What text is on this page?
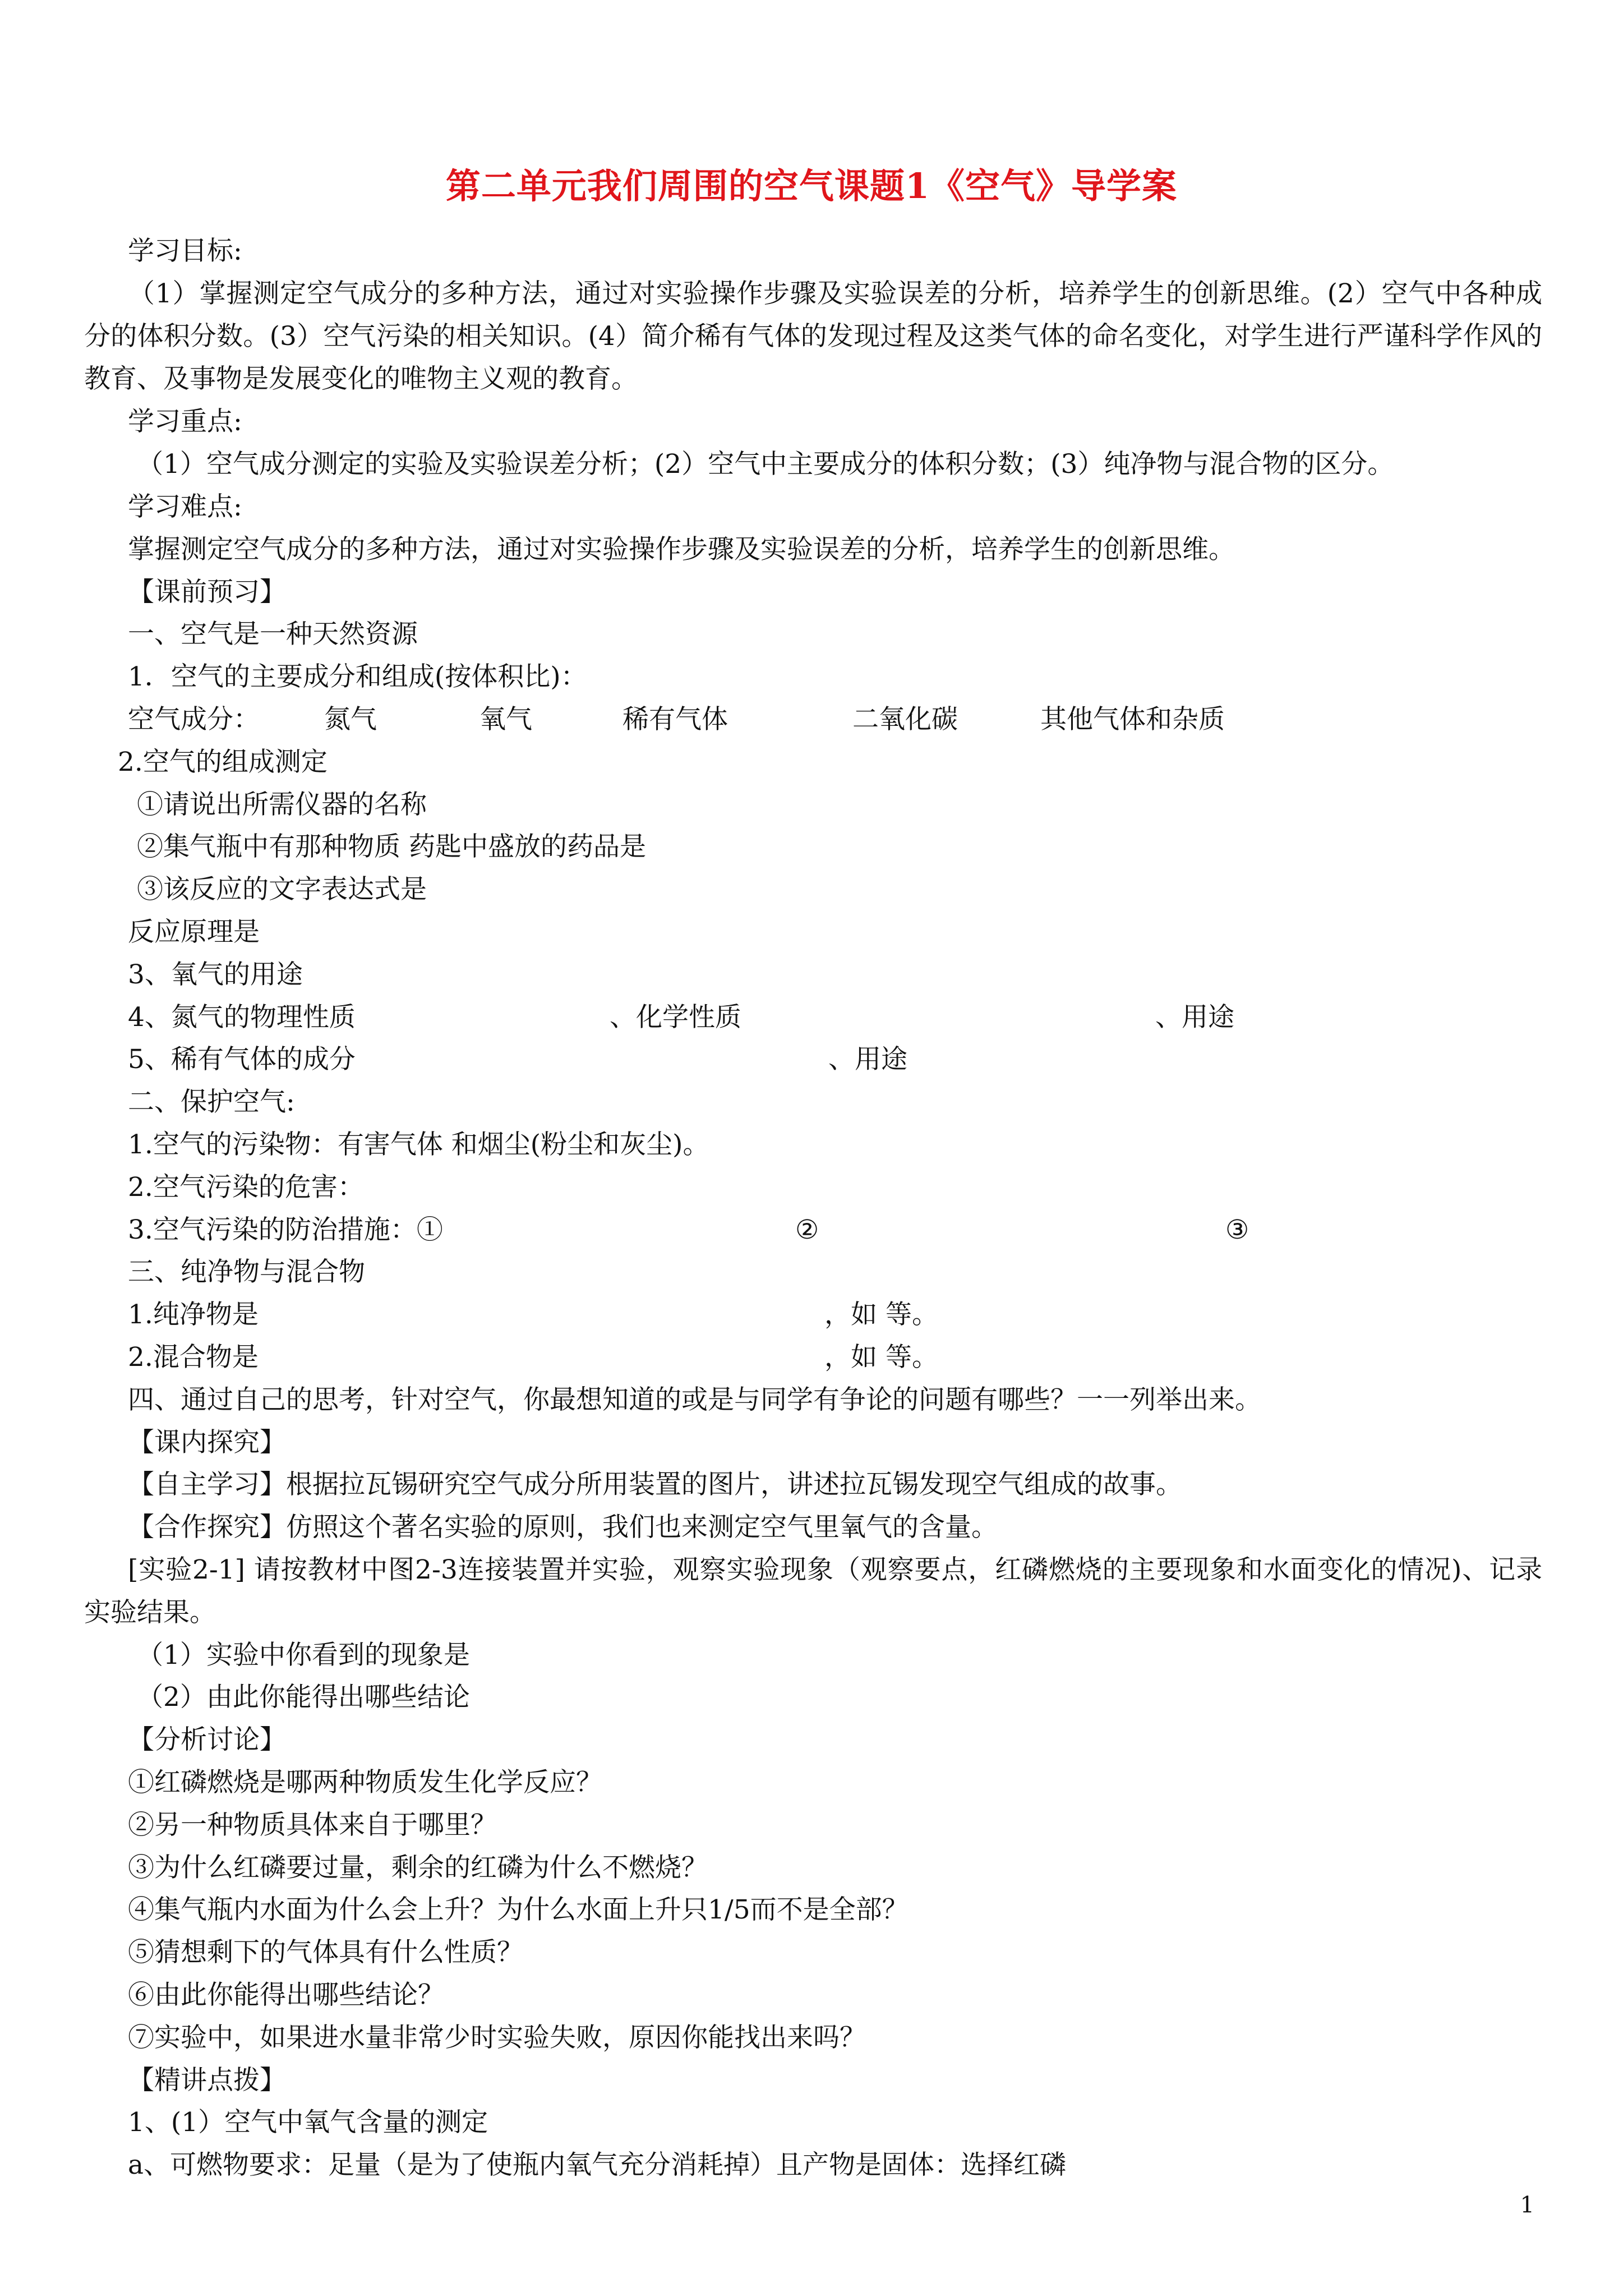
第二单元我们周围的空气课题1《空气》导学案
学习目标:
（1）掌握测定空气成分的多种方法，通过对实验操作步骤及实验误差的分析，培养学生的创新思维。(2）空气中各种成分的体积分数。(3）空气污染的相关知识。(4）简介稀有气体的发现过程及这类气体的命名变化，对学生进行严谨科学作风的教育、及事物是发展变化的唯物主义观的教育。
学习重点:
（1）空气成分测定的实验及实验误差分析；(2）空气中主要成分的体积分数；(3）纯净物与混合物的区分。
学习难点:
掌握测定空气成分的多种方法，通过对实验操作步骤及实验误差的分析，培养学生的创新思维。
【课前预习】
一、空气是一种天然资源
1．空气的主要成分和组成(按体积比)：
空气成分： 氮气	氧气	稀有气体	二氧化碳	其他气体和杂质
2.空气的组成测定
①请说出所需仪器的名称
②集气瓶中有那种物质 药匙中盛放的药品是
③该反应的文字表达式是
反应原理是
3、氧气的用途
4、氮气的物理性质	、化学性质	、用途
5、稀有气体的成分	、用途
二、保护空气:
1.空气的污染物：有害气体 和烟尘(粉尘和灰尘)。
2.空气污染的危害：
3.空气污染的防治措施：①	②	③
三、纯净物与混合物
1.纯净物是	，如 等。
2.混合物是	，如 等。
四、通过自己的思考，针对空气，你最想知道的或是与同学有争论的问题有哪些？一一列举出来。
【课内探究】
【自主学习】根据拉瓦锡研究空气成分所用装置的图片，讲述拉瓦锡发现空气组成的故事。
【合作探究】仿照这个著名实验的原则，我们也来测定空气里氧气的含量。
[实验2-1] 请按教材中图2-3连接装置并实验，观察实验现象（观察要点，红磷燃烧的主要现象和水面变化的情况)、记录实验结果。
（1）实验中你看到的现象是
（2）由此你能得出哪些结论
【分析讨论】
①红磷燃烧是哪两种物质发生化学反应？
②另一种物质具体来自于哪里？
③为什么红磷要过量，剩余的红磷为什么不燃烧？
④集气瓶内水面为什么会上升？为什么水面上升只1/5而不是全部？
⑤猜想剩下的气体具有什么性质？
⑥由此你能得出哪些结论？
⑦实验中，如果进水量非常少时实验失败，原因你能找出来吗？
【精讲点拨】
1、(1）空气中氧气含量的测定
a、可燃物要求：足量（是为了使瓶内氧气充分消耗掉）且产物是固体：选择红磷
1
